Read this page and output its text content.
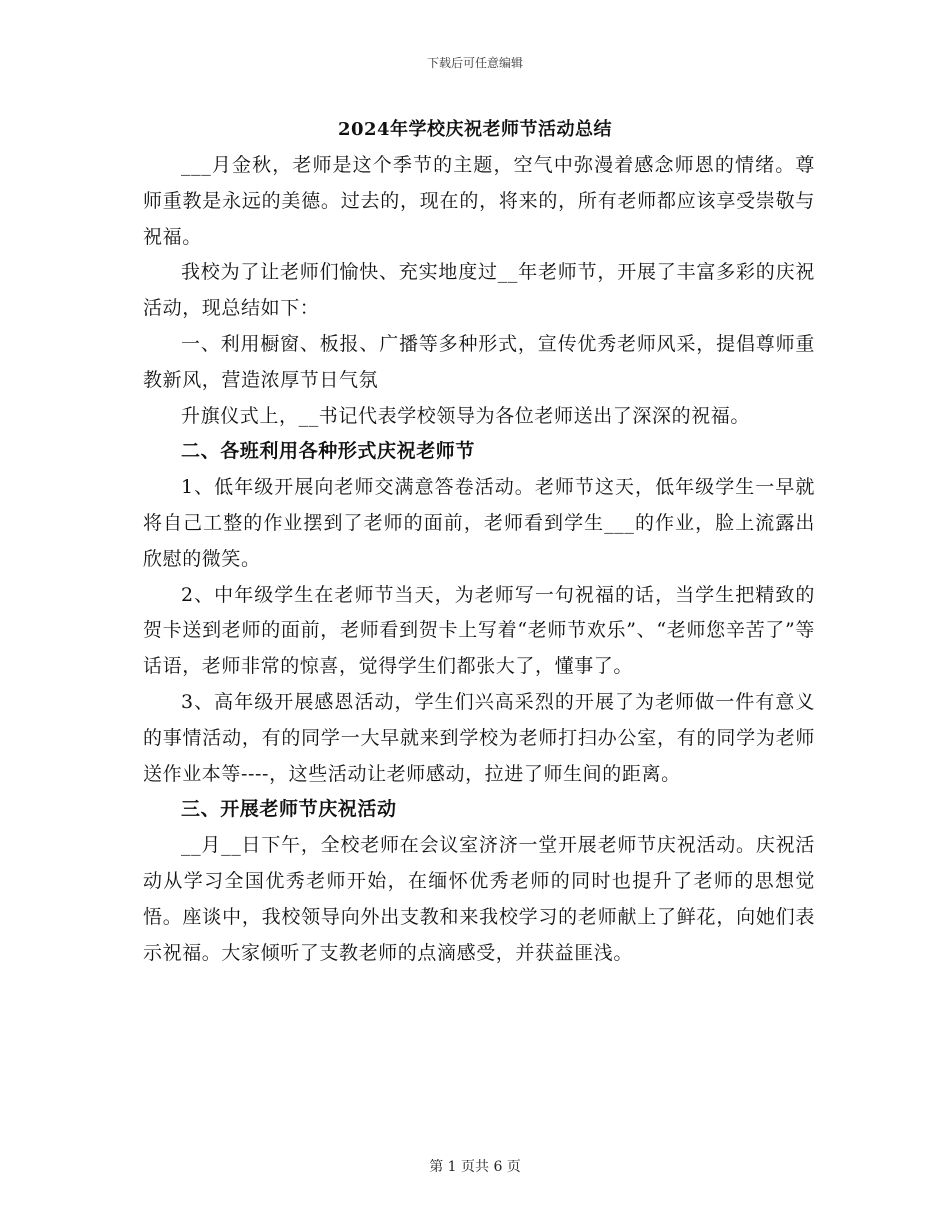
下载后可任意编辑
2024年学校庆祝老师节活动总结

___月金秋，老师是这个季节的主题，空气中弥漫着感念师恩的情绪。尊师重教是永远的美德。过去的，现在的，将来的，所有老师都应该享受崇敬与祝福。

我校为了让老师们愉快、充实地度过__年老师节，开展了丰富多彩的庆祝活动，现总结如下：

一、利用橱窗、板报、广播等多种形式，宣传优秀老师风采，提倡尊师重教新风，营造浓厚节日气氛

升旗仪式上，__书记代表学校领导为各位老师送出了深深的祝福。

二、各班利用各种形式庆祝老师节

1、低年级开展向老师交满意答卷活动。老师节这天，低年级学生一早就将自己工整的作业摆到了老师的面前，老师看到学生___的作业，脸上流露出欣慰的微笑。

2、中年级学生在老师节当天，为老师写一句祝福的话，当学生把精致的贺卡送到老师的面前，老师看到贺卡上写着“老师节欢乐”、“老师您辛苦了”等话语，老师非常的惊喜，觉得学生们都张大了，懂事了。

3、高年级开展感恩活动，学生们兴高采烈的开展了为老师做一件有意义的事情活动，有的同学一大早就来到学校为老师打扫办公室，有的同学为老师送作业本等----，这些活动让老师感动，拉进了师生间的距离。

三、开展老师节庆祝活动

__月__日下午，全校老师在会议室济济一堂开展老师节庆祝活动。庆祝活动从学习全国优秀老师开始，在缅怀优秀老师的同时也提升了老师的思想觉悟。座谈中，我校领导向外出支教和来我校学习的老师献上了鲜花，向她们表示祝福。大家倾听了支教老师的点滴感受，并获益匪浅。

第 1 页共 6 页
